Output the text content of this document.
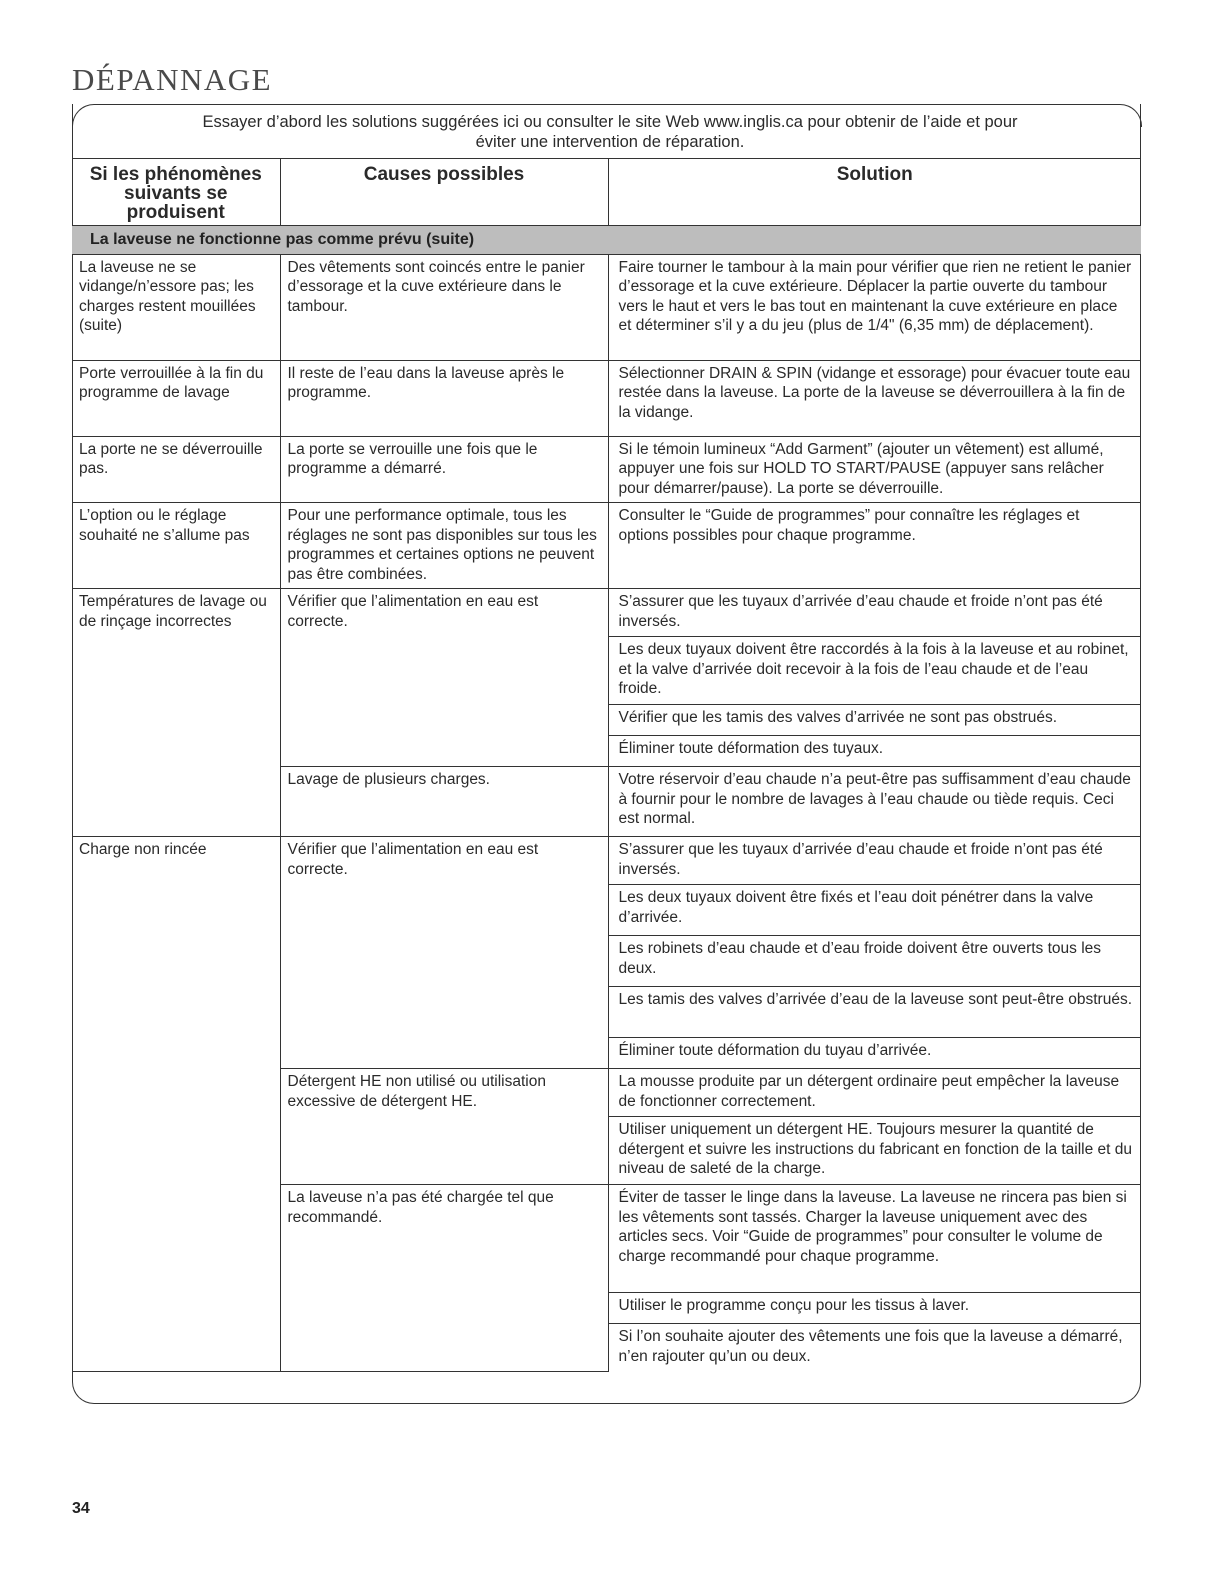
DÉPANNAGE
Essayer d’abord les solutions suggérées ici ou consulter le site Web www.inglis.ca pour obtenir de l’aide et pour éviter une intervention de réparation.
Si les phénomènes suivants se produisent	Causes possibles	Solution
La laveuse ne fonctionne pas comme prévu (suite)		
La laveuse ne se vidange/n’essore pas; les charges restent mouillées (suite)	Des vêtements sont coincés entre le panier d’essorage et la cuve extérieure dans le tambour.	Faire tourner le tambour à la main pour vérifier que rien ne retient le panier d’essorage et la cuve extérieure. Déplacer la partie ouverte du tambour vers le haut et vers le bas tout en maintenant la cuve extérieure en place et déterminer s’il y a du jeu (plus de 1/4" (6,35 mm) de déplacement).
Porte verrouillée à la fin du programme de lavage	Il reste de l’eau dans la laveuse après le programme.	Sélectionner DRAIN & SPIN (vidange et essorage) pour évacuer toute eau restée dans la laveuse. La porte de la laveuse se déverrouillera à la fin de la vidange.
La porte ne se déverrouille pas.	La porte se verrouille une fois que le programme a démarré.	Si le témoin lumineux “Add Garment” (ajouter un vêtement) est allumé, appuyer une fois sur HOLD TO START/PAUSE (appuyer sans relâcher pour démarrer/pause). La porte se déverrouille.
L’option ou le réglage souhaité ne s’allume pas	Pour une performance optimale, tous les réglages ne sont pas disponibles sur tous les programmes et certaines options ne peuvent pas être combinées.	Consulter le “Guide de programmes” pour connaître les réglages et options possibles pour chaque programme.
Températures de lavage ou de rinçage incorrectes	Vérifier que l’alimentation en eau est correcte.	S’assurer que les tuyaux d’arrivée d’eau chaude et froide n’ont pas été inversés.
		Les deux tuyaux doivent être raccordés à la fois à la laveuse et au robinet, et la valve d’arrivée doit recevoir à la fois de l’eau chaude et de l’eau froide.
		Vérifier que les tamis des valves d’arrivée ne sont pas obstrués.
		Éliminer toute déformation des tuyaux.
	Lavage de plusieurs charges.	Votre réservoir d’eau chaude n’a peut-être pas suffisamment d’eau chaude à fournir pour le nombre de lavages à l’eau chaude ou tiède requis. Ceci est normal.
Charge non rincée	Vérifier que l’alimentation en eau est correcte.	S’assurer que les tuyaux d’arrivée d’eau chaude et froide n’ont pas été inversés.
		Les deux tuyaux doivent être fixés et l’eau doit pénétrer dans la valve d’arrivée.
		Les robinets d’eau chaude et d’eau froide doivent être ouverts tous les deux.
		Les tamis des valves d’arrivée d’eau de la laveuse sont peut-être obstrués.
		Éliminer toute déformation du tuyau d’arrivée.
	Détergent HE non utilisé ou utilisation excessive de détergent HE.	La mousse produite par un détergent ordinaire peut empêcher la laveuse de fonctionner correctement.
		Utiliser uniquement un détergent HE. Toujours mesurer la quantité de détergent et suivre les instructions du fabricant en fonction de la taille et du niveau de saleté de la charge.
	La laveuse n’a pas été chargée tel que recommandé.	Éviter de tasser le linge dans la laveuse. La laveuse ne rincera pas bien si les vêtements sont tassés. Charger la laveuse uniquement avec des articles secs. Voir “Guide de programmes” pour consulter le volume de charge recommandé pour chaque programme.
		Utiliser le programme conçu pour les tissus à laver.
		Si l’on souhaite ajouter des vêtements une fois que la laveuse a démarré, n’en rajouter qu’un ou deux.
34
